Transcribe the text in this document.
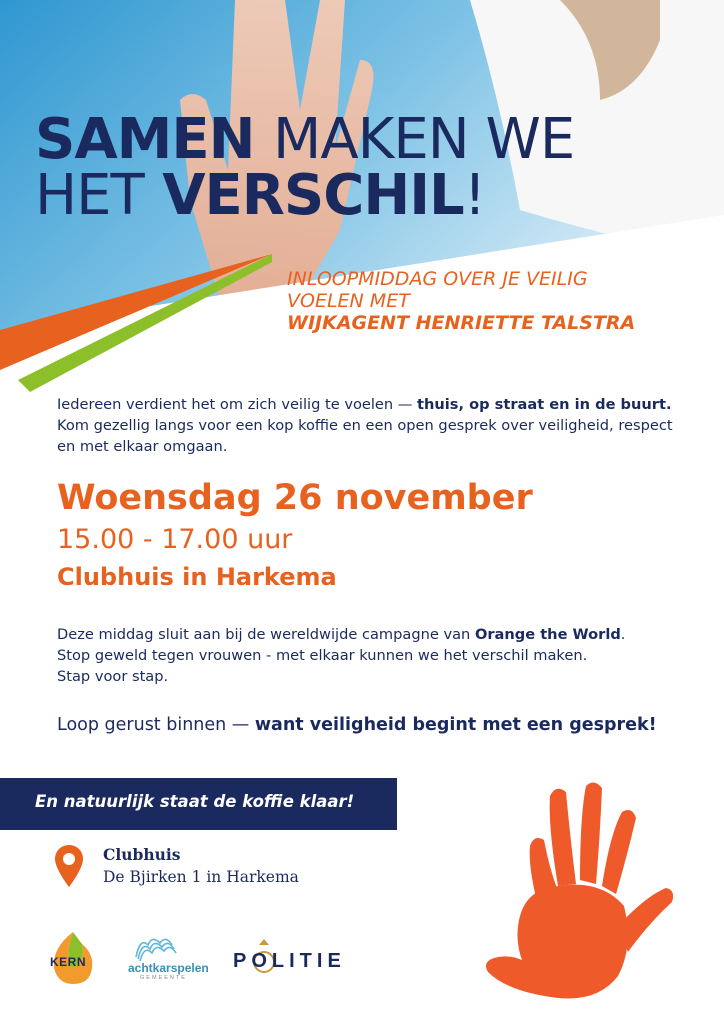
SAMEN MAKEN WE
HET VERSCHIL!
INLOOPMIDDAG OVER JE VEILIG
VOELEN MET
WIJKAGENT HENRIETTE TALSTRA
Iedereen verdient het om zich veilig te voelen — thuis, op straat en in de buurt. Kom gezellig langs voor een kop koffie en een open gesprek over veiligheid, respect en met elkaar omgaan.
Woensdag 26 november
15.00 - 17.00 uur
Clubhuis in Harkema
Deze middag sluit aan bij de wereldwijde campagne van Orange the World.
Stop geweld tegen vrouwen - met elkaar kunnen we het verschil maken.
Stap voor stap.
Loop gerust binnen — want veiligheid begint met een gesprek!
En natuurlijk staat de koffie klaar!
Clubhuis
De Bjirken 1 in Harkema
KERN	achtkarspelen
GEMEENTE
POLITIE
